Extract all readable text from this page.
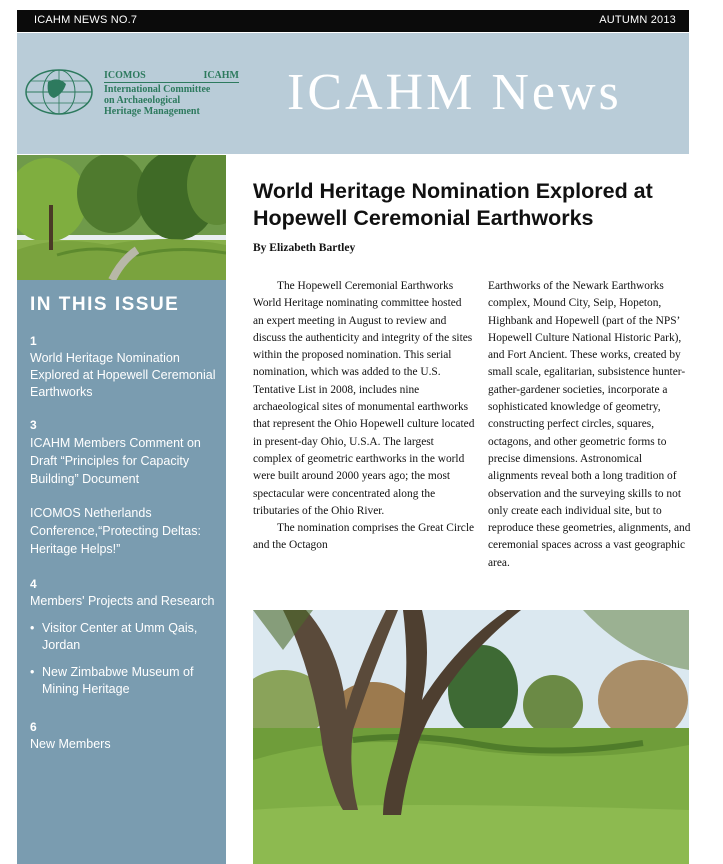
ICAHM NEWS NO.7	AUTUMN 2013
ICOMOS	ICAHM
International Committee
on Archaeological
Heritage Management	ICAHM News
IN THIS ISSUE
1
World Heritage Nomination Explored at Hopewell Ceremonial Earthworks
3
ICAHM Members Comment on Draft “Principles for Capacity Building” Document
ICOMOS Netherlands Conference,“Protecting Deltas: Heritage Helps!”
4
Members' Projects and Research
• Visitor Center at Umm Qais, Jordan
• New Zimbabwe Museum of Mining Heritage
6
New Members
World Heritage Nomination Explored at Hopewell Ceremonial Earthworks
By Elizabeth Bartley

The Hopewell Ceremonial Earthworks World Heritage nominating committee hosted an expert meeting in August to review and discuss the authenticity and integrity of the sites within the proposed nomination. This serial nomination, which was added to the U.S. Tentative List in 2008, includes nine archaeological sites of monumental earthworks that represent the Ohio Hopewell culture located in present-day Ohio, U.S.A. The largest complex of geometric earthworks in the world were built around 2000 years ago; the most spectacular were concentrated along the tributaries of the Ohio River.

The nomination comprises the Great Circle and the Octagon

Earthworks of the Newark Earthworks complex, Mound City, Seip, Hopeton, Highbank and Hopewell (part of the NPS’ Hopewell Culture National Historic Park), and Fort Ancient. These works, created by small scale, egalitarian, subsistence hunter-gather-gardener societies, incorporate a sophisticated knowledge of geometry, constructing perfect circles, squares, octagons, and other geometric forms to precise dimensions. Astronomical alignments reveal both a long tradition of observation and the surveying skills to not only create each individual site, but to reproduce these geometries, alignments, and ceremonial spaces across a vast geographic area.
